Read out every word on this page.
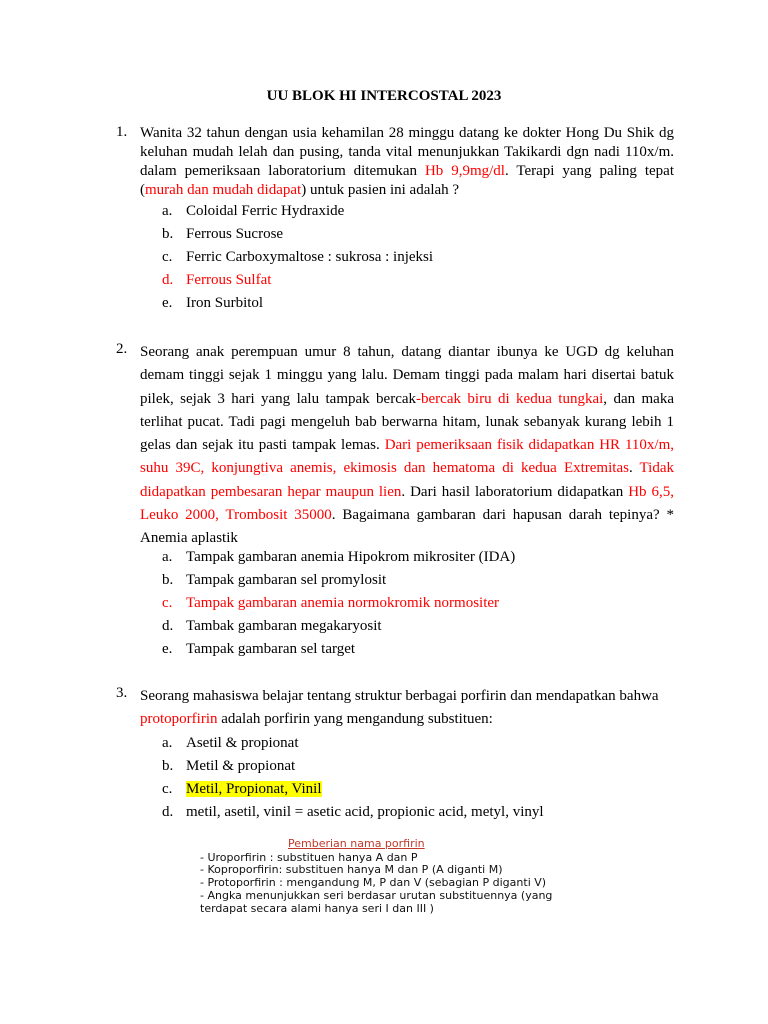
UU BLOK HI INTERCOSTAL 2023
1. Wanita 32 tahun dengan usia kehamilan 28 minggu datang ke dokter Hong Du Shik dg keluhan mudah lelah dan pusing, tanda vital menunjukkan Takikardi dgn nadi 110x/m. dalam pemeriksaan laboratorium ditemukan Hb 9,9mg/dl. Terapi yang paling tepat (murah dan mudah didapat) untuk pasien ini adalah ?
a. Coloidal Ferric Hydraxide
b. Ferrous Sucrose
c. Ferric Carboxymaltose : sukrosa : injeksi
d. Ferrous Sulfat
e. Iron Surbitol
2. Seorang anak perempuan umur 8 tahun, datang diantar ibunya ke UGD dg keluhan demam tinggi sejak 1 minggu yang lalu. Demam tinggi pada malam hari disertai batuk pilek, sejak 3 hari yang lalu tampak bercak-bercak biru di kedua tungkai, dan maka terlihat pucat. Tadi pagi mengeluh bab berwarna hitam, lunak sebanyak kurang lebih 1 gelas dan sejak itu pasti tampak lemas. Dari pemeriksaan fisik didapatkan HR 110x/m, suhu 39C, konjungtiva anemis, ekimosis dan hematoma di kedua Extremitas. Tidak didapatkan pembesaran hepar maupun lien. Dari hasil laboratorium didapatkan Hb 6,5, Leuko 2000, Trombosit 35000. Bagaimana gambaran dari hapusan darah tepinya? * Anemia aplastik
a. Tampak gambaran anemia Hipokrom mikrositer (IDA)
b. Tampak gambaran sel promylosit
c. Tampak gambaran anemia normokromik normositer
d. Tambak gambaran megakaryosit
e. Tampak gambaran sel target
3. Seorang mahasiswa belajar tentang struktur berbagai porfirin dan mendapatkan bahwa protoporfirin adalah porfirin yang mengandung substituen:
a. Asetil & propionat
b. Metil & propionat
c. Metil, Propionat, Vinil
d. metil, asetil, vinil = asetic acid, propionic acid, metyl, vinyl
Pemberian nama porfirin
- Uroporfirin : substituen hanya A dan P
- Koproporfirin: substituen hanya M dan P (A diganti M)
- Protoporfirin : mengandung M, P dan V (sebagian P diganti V)
- Angka menunjukkan seri berdasar urutan substituennya (yang
terdapat secara alami hanya seri I dan III )
